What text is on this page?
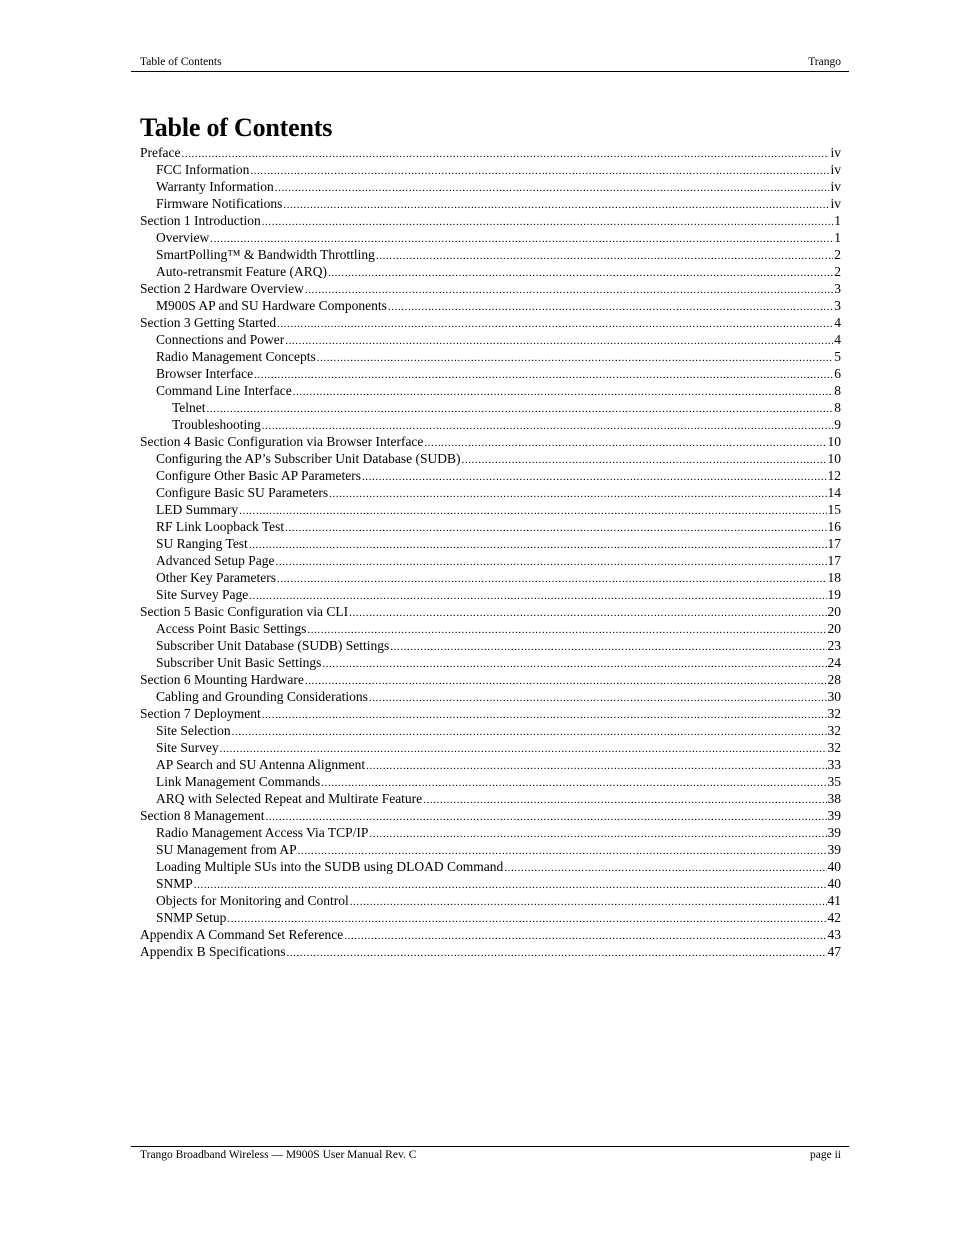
Table of Contents	Trango
Table of Contents
Preface .....	iv
FCC Information .....	iv
Warranty Information .....	iv
Firmware Notifications .....	iv
Section 1 Introduction .....	1
Overview .....	1
SmartPolling™ & Bandwidth Throttling .....	2
Auto-retransmit Feature (ARQ) .....	2
Section 2 Hardware Overview .....	3
M900S AP and SU Hardware Components .....	3
Section 3 Getting Started .....	4
Connections and Power .....	4
Radio Management Concepts .....	5
Browser Interface .....	6
Command Line Interface .....	8
Telnet .....	8
Troubleshooting .....	9
Section 4 Basic Configuration via Browser Interface .....	10
Configuring the AP’s Subscriber Unit Database (SUDB) .....	10
Configure Other Basic AP Parameters .....	12
Configure Basic SU Parameters .....	14
LED Summary .....	15
RF Link Loopback Test .....	16
SU Ranging Test .....	17
Advanced Setup Page .....	17
Other Key Parameters .....	18
Site Survey Page .....	19
Section 5 Basic Configuration via CLI .....	20
Access Point Basic Settings .....	20
Subscriber Unit Database (SUDB) Settings .....	23
Subscriber Unit Basic Settings .....	24
Section 6 Mounting Hardware .....	28
Cabling and Grounding Considerations .....	30
Section 7 Deployment .....	32
Site Selection .....	32
Site Survey .....	32
AP Search and SU Antenna Alignment .....	33
Link Management Commands .....	35
ARQ with Selected Repeat and Multirate Feature .....	38
Section 8 Management .....	39
Radio Management Access Via TCP/IP .....	39
SU Management from AP .....	39
Loading Multiple SUs into the SUDB using DLOAD Command .....	40
SNMP .....	40
Objects for Monitoring and Control .....	41
SNMP Setup .....	42
Appendix A Command Set Reference .....	43
Appendix B Specifications .....	47
Trango Broadband Wireless — M900S User Manual Rev. C	page ii
